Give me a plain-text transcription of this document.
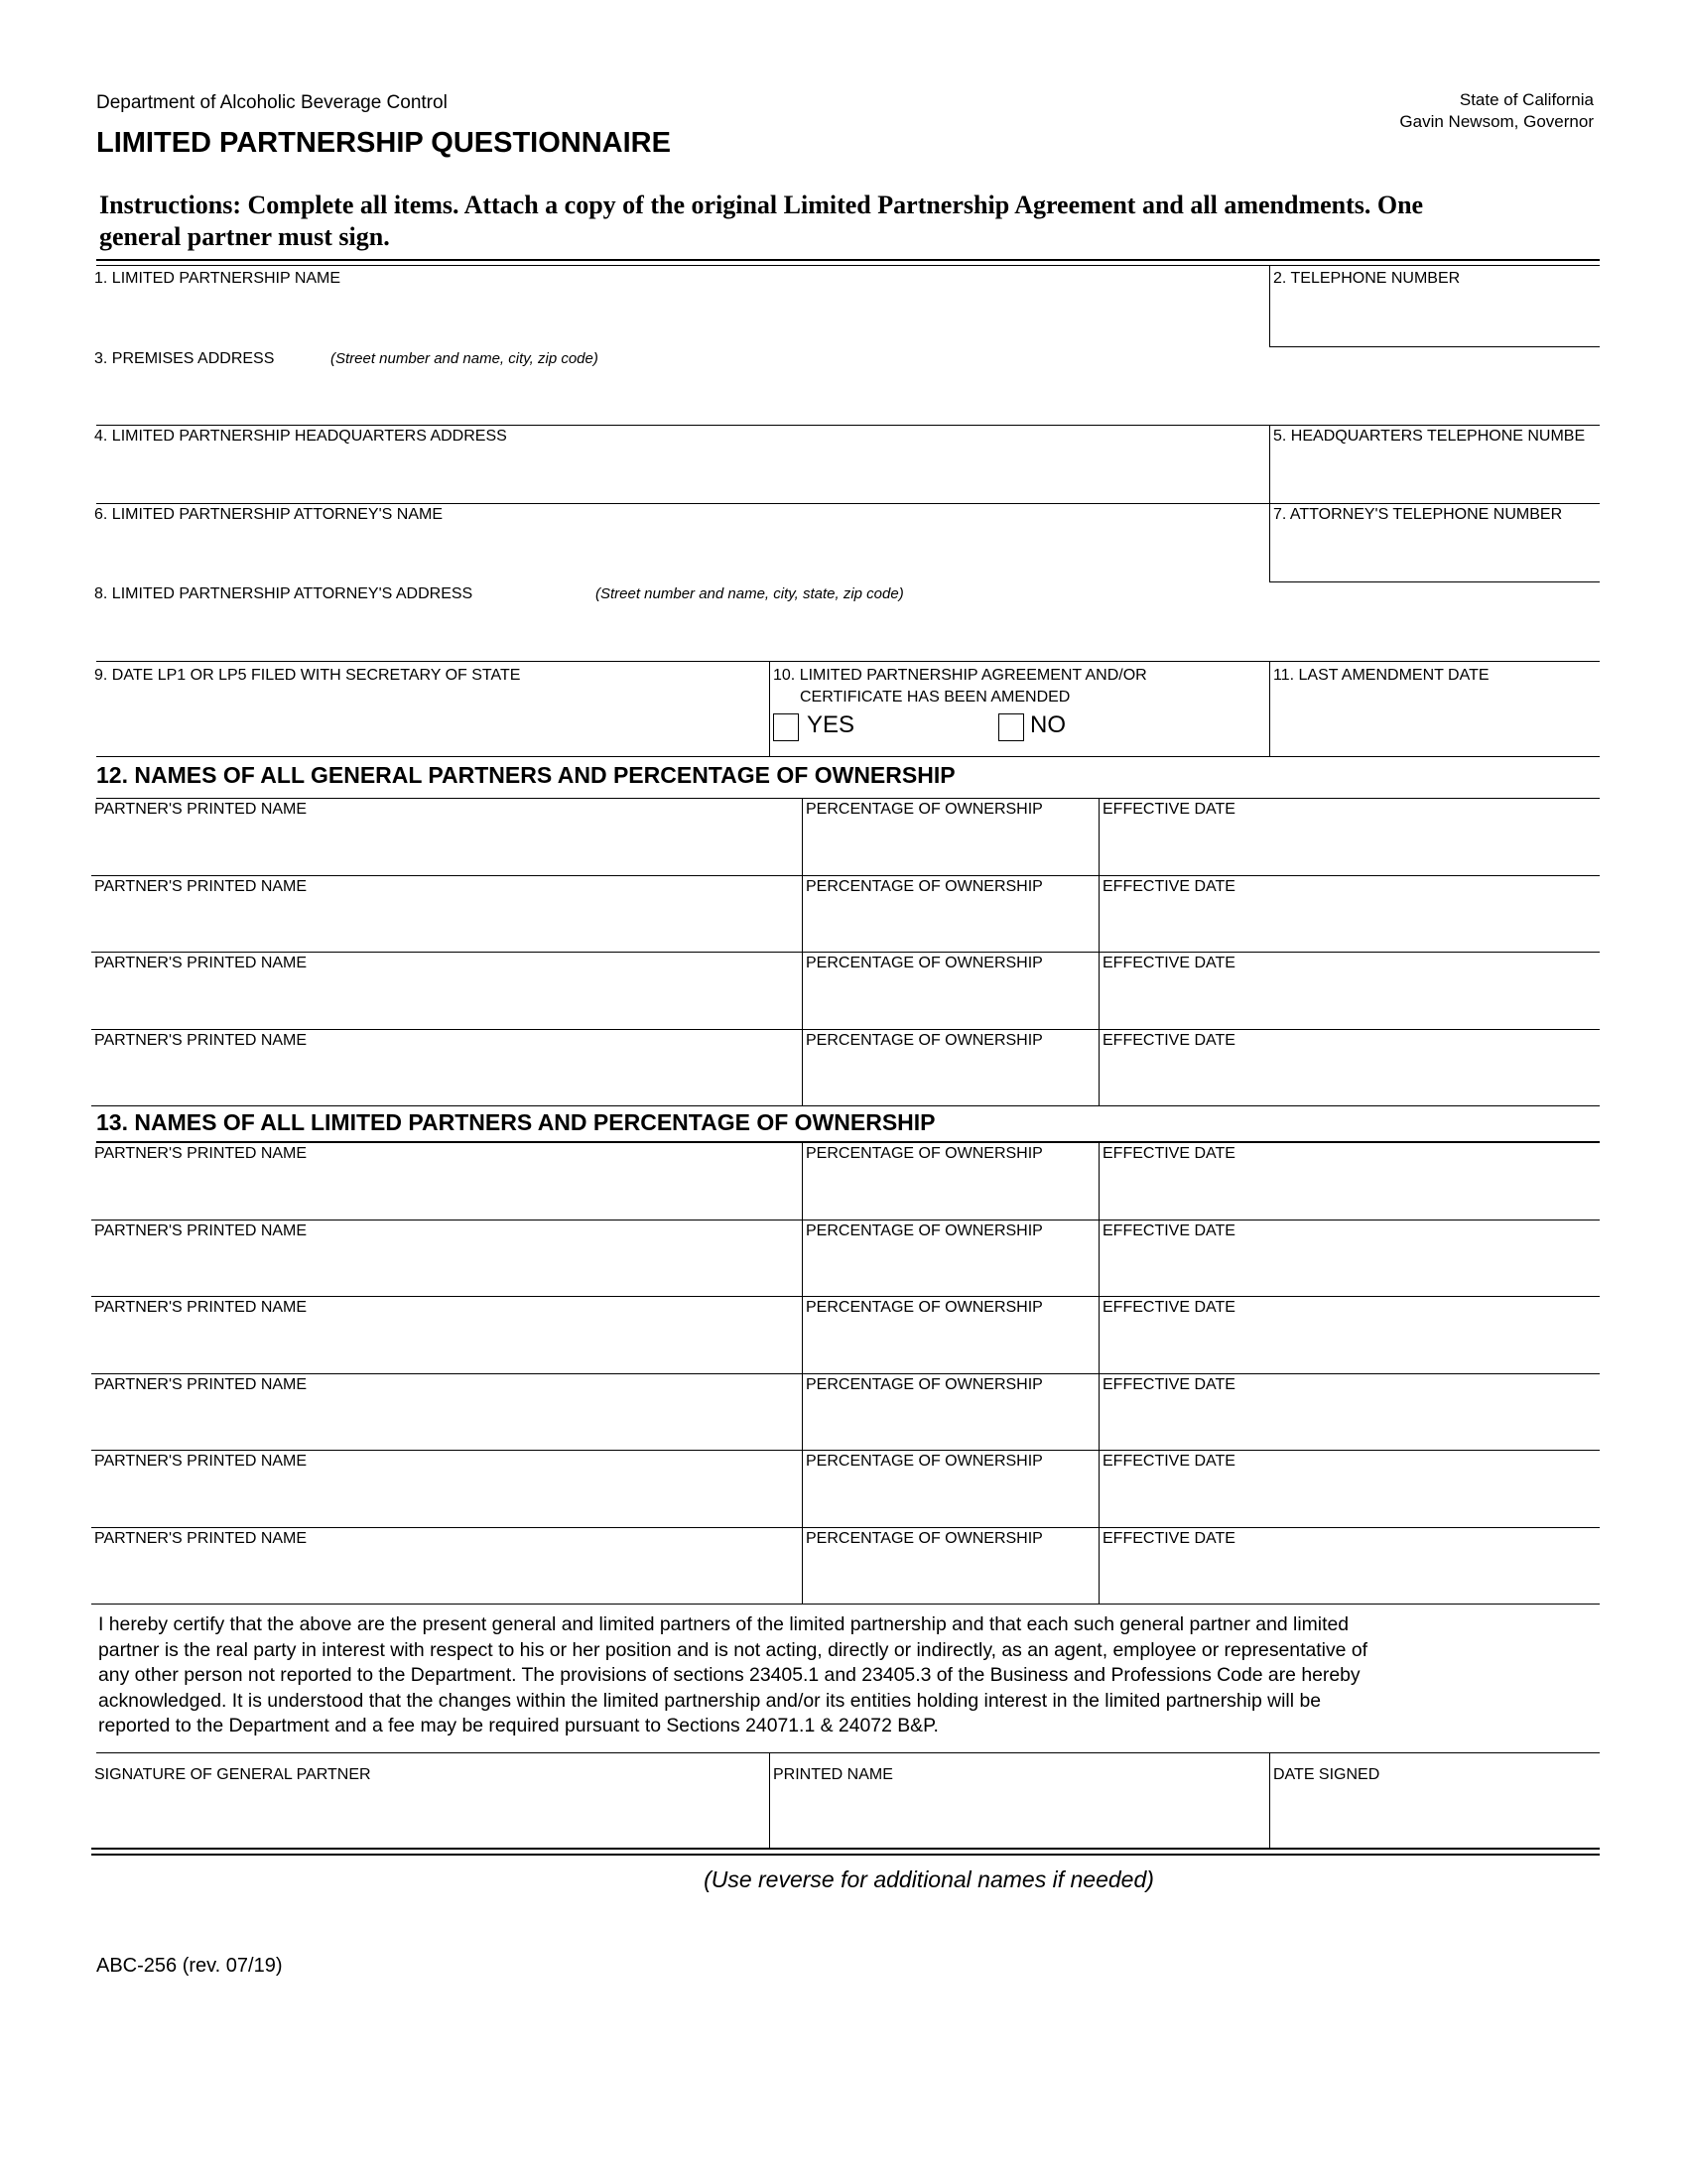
Department of Alcoholic Beverage Control
LIMITED PARTNERSHIP QUESTIONNAIRE
State of California
Gavin Newsom, Governor
Instructions: Complete all items. Attach a copy of the original Limited Partnership Agreement and all amendments. One
general partner must sign.
1. LIMITED PARTNERSHIP NAME	2. TELEPHONE NUMBER
3. PREMISES ADDRESS	(Street number and name, city, zip code)
4. LIMITED PARTNERSHIP HEADQUARTERS ADDRESS	5. HEADQUARTERS TELEPHONE NUMBE
6. LIMITED PARTNERSHIP ATTORNEY'S NAME	7. ATTORNEY'S TELEPHONE NUMBER
8. LIMITED PARTNERSHIP ATTORNEY'S ADDRESS	(Street number and name, city, state, zip code)
9. DATE LP1 OR LP5 FILED WITH SECRETARY OF STATE	10. LIMITED PARTNERSHIP AGREEMENT AND/OR
CERTIFICATE HAS BEEN AMENDED
YES	NO
11. LAST AMENDMENT DATE
12. NAMES OF ALL GENERAL PARTNERS AND PERCENTAGE OF OWNERSHIP
PARTNER'S PRINTED NAME	PERCENTAGE OF OWNERSHIP	EFFECTIVE DATE
PARTNER'S PRINTED NAME	PERCENTAGE OF OWNERSHIP	EFFECTIVE DATE
PARTNER'S PRINTED NAME	PERCENTAGE OF OWNERSHIP	EFFECTIVE DATE
PARTNER'S PRINTED NAME	PERCENTAGE OF OWNERSHIP	EFFECTIVE DATE
13. NAMES OF ALL LIMITED PARTNERS AND PERCENTAGE OF OWNERSHIP
PARTNER'S PRINTED NAME	PERCENTAGE OF OWNERSHIP	EFFECTIVE DATE
PARTNER'S PRINTED NAME	PERCENTAGE OF OWNERSHIP	EFFECTIVE DATE
PARTNER'S PRINTED NAME	PERCENTAGE OF OWNERSHIP	EFFECTIVE DATE
PARTNER'S PRINTED NAME	PERCENTAGE OF OWNERSHIP	EFFECTIVE DATE
PARTNER'S PRINTED NAME	PERCENTAGE OF OWNERSHIP	EFFECTIVE DATE
PARTNER'S PRINTED NAME	PERCENTAGE OF OWNERSHIP	EFFECTIVE DATE
I hereby certify that the above are the present general and limited partners of the limited partnership and that each such general partner and limited
partner is the real party in interest with respect to his or her position and is not acting, directly or indirectly, as an agent, employee or representative of
any other person not reported to the Department. The provisions of sections 23405.1 and 23405.3 of the Business and Professions Code are hereby
acknowledged. It is understood that the changes within the limited partnership and/or its entities holding interest in the limited partnership will be
reported to the Department and a fee may be required pursuant to Sections 24071.1 & 24072 B&P.
SIGNATURE OF GENERAL PARTNER	PRINTED NAME	DATE SIGNED
(Use reverse for additional names if needed)
ABC-256 (rev. 07/19)
